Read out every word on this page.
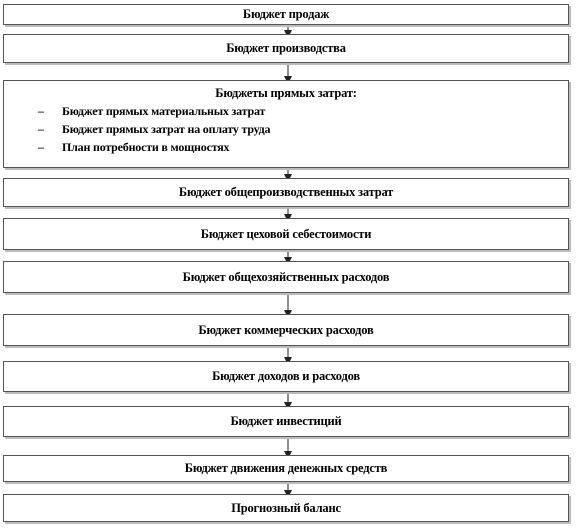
Бюджет продаж
Бюджет производства
Бюджеты прямых затрат:
– Бюджет прямых материальных затрат
– Бюджет прямых затрат на оплату труда
– План потребности в мощностях
Бюджет общепроизводственных затрат
Бюджет цеховой себестоимости
Бюджет общехозяйственных расходов
Бюджет коммерческих расходов
Бюджет доходов и расходов
Бюджет инвестиций
Бюджет движения денежных средств
Прогнозный баланс
